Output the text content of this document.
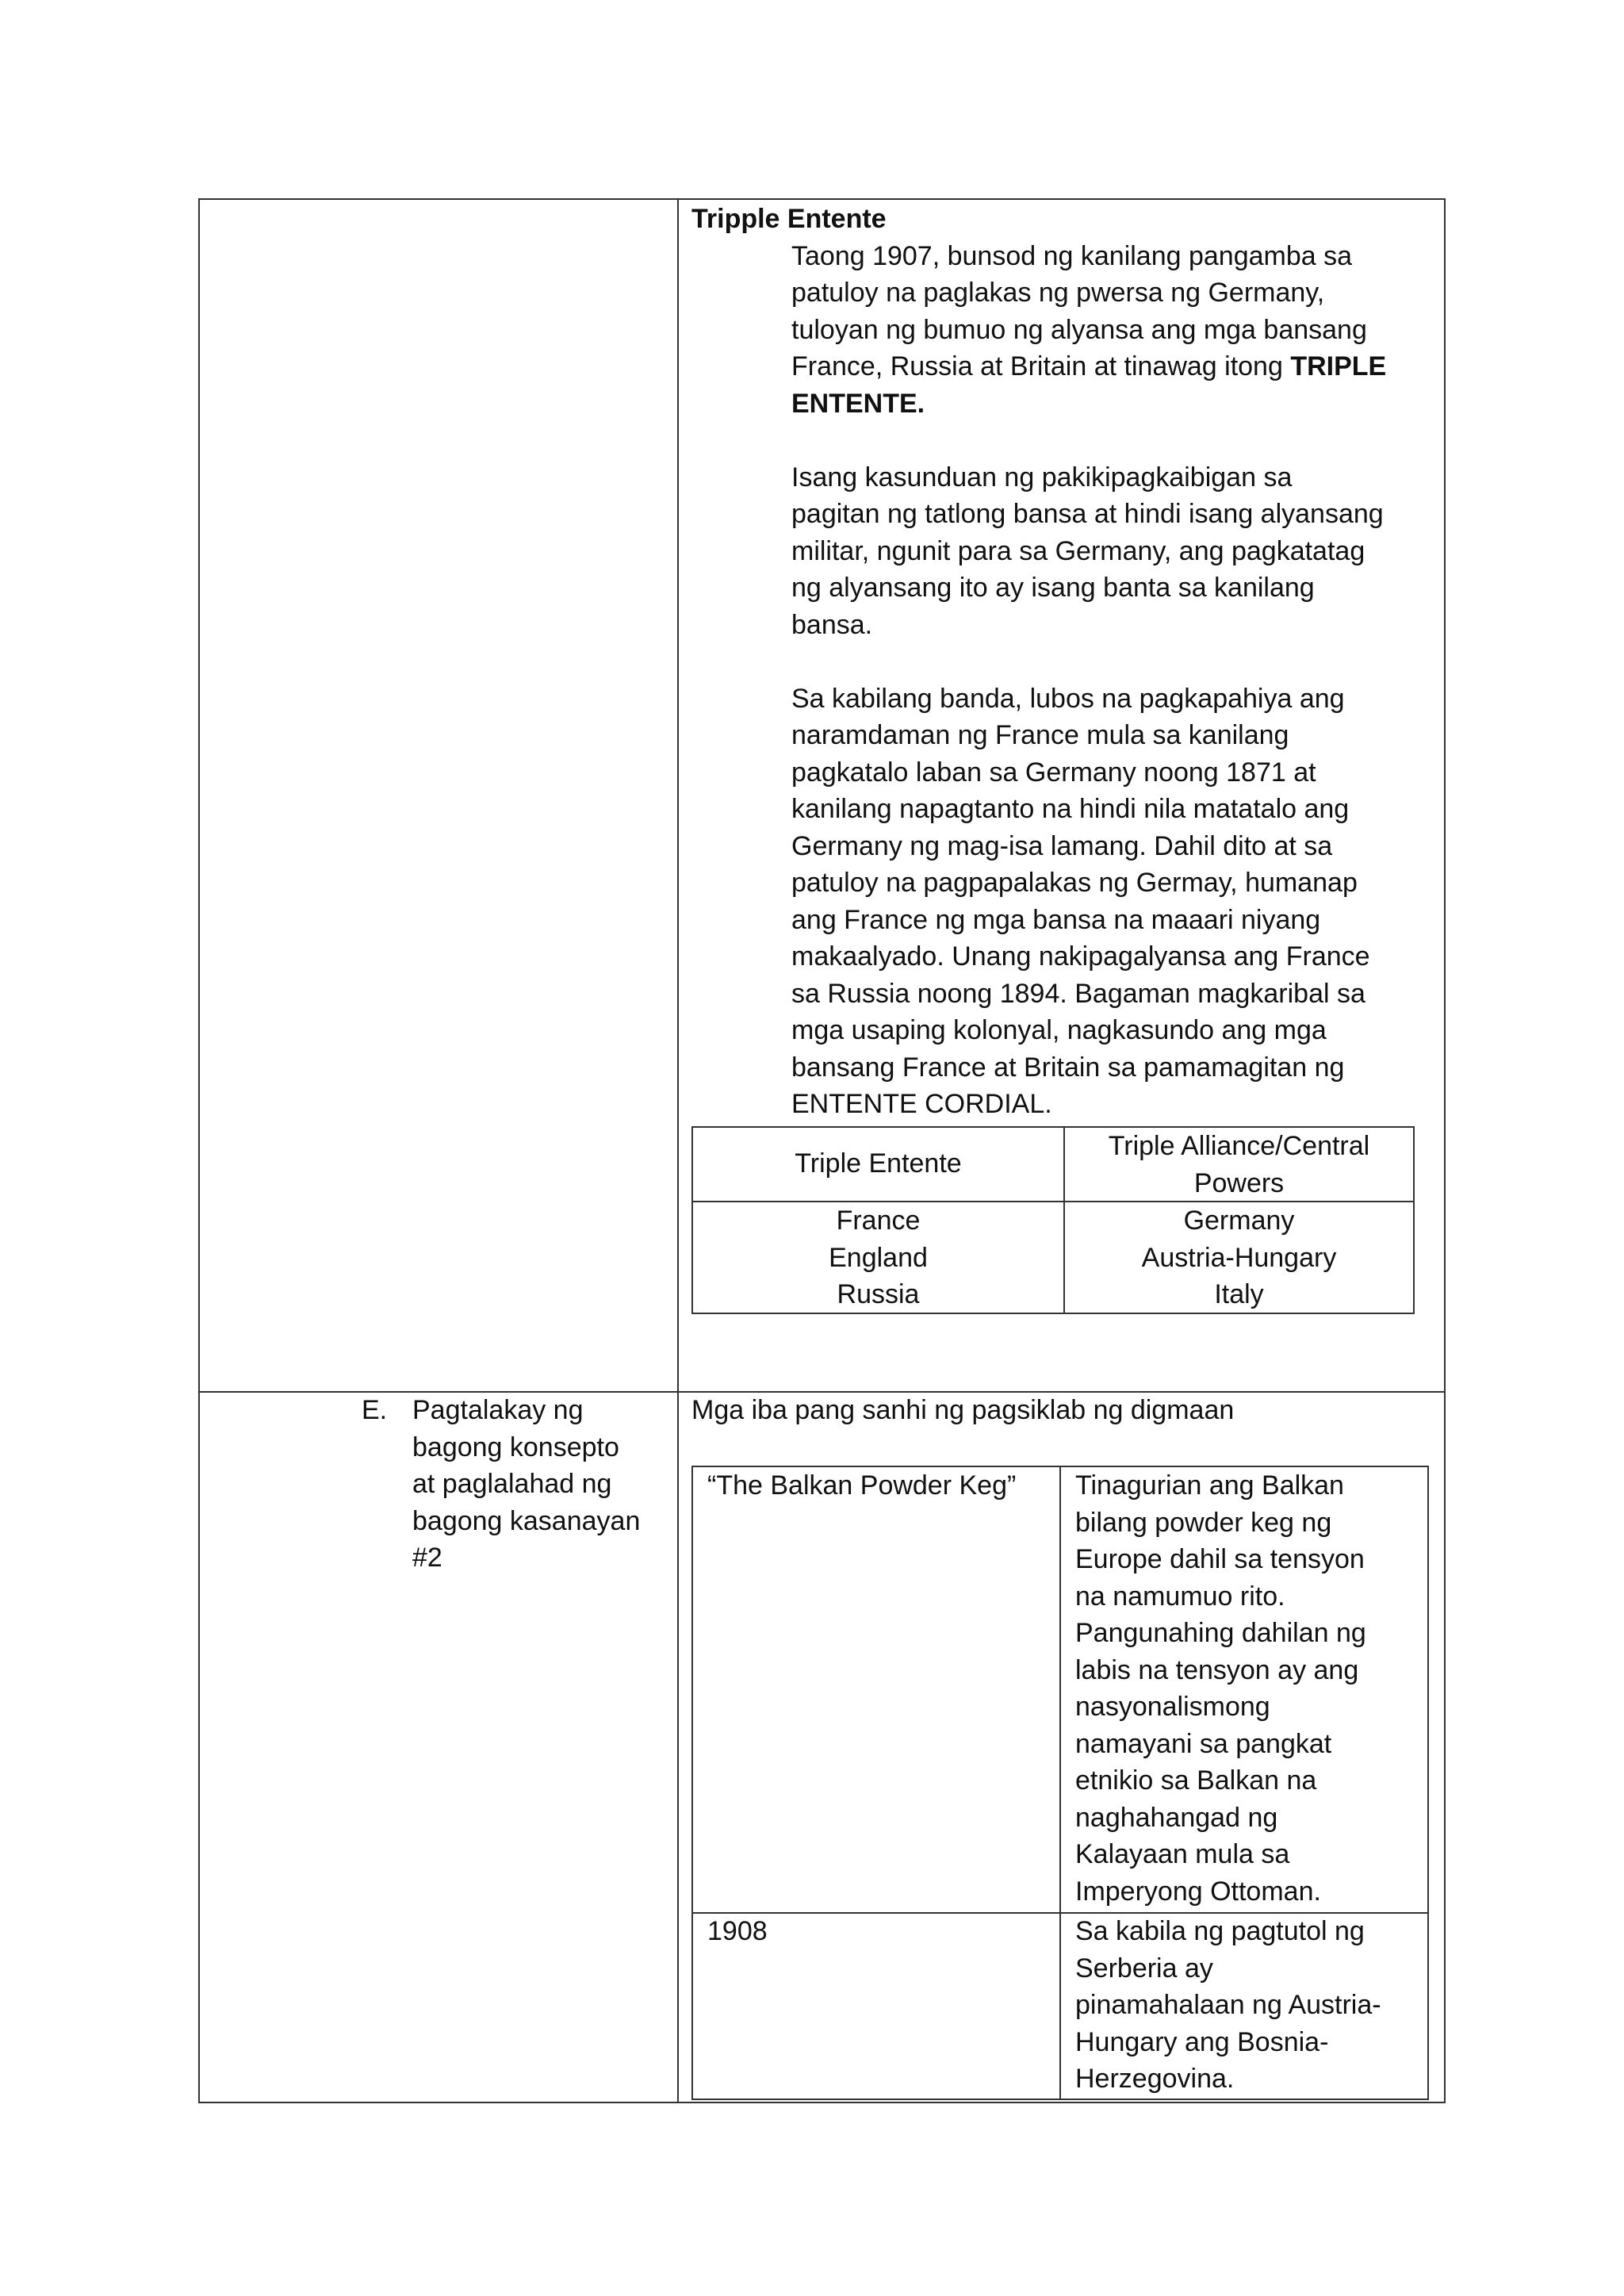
Tripple Entente

Taong 1907, bunsod ng kanilang pangamba sa

patuloy na paglakas ng pwersa ng Germany,

tuloyan ng bumuo ng alyansa ang mga bansang

France, Russia at Britain at tinawag itong TRIPLE

ENTENTE.

Isang kasunduan ng pakikipagkaibigan sa

pagitan ng tatlong bansa at hindi isang alyansang

militar, ngunit para sa Germany, ang pagkatatag

ng alyansang ito ay isang banta sa kanilang

bansa.

Sa kabilang banda, lubos na pagkapahiya ang

naramdaman ng France mula sa kanilang

pagkatalo laban sa Germany noong 1871 at

kanilang napagtanto na hindi nila matatalo ang

Germany ng mag-isa lamang. Dahil dito at sa

patuloy na pagpapalakas ng Germay, humanap

ang France ng mga bansa na maaari niyang

makaalyado. Unang nakipagalyansa ang France

sa Russia noong 1894. Bagaman magkaribal sa

mga usaping kolonyal, nagkasundo ang mga

bansang France at Britain sa pamamagitan ng

ENTENTE CORDIAL.

Triple Entente

Triple Alliance/Central

Powers

France

England

Russia

Germany

Austria-Hungary

Italy

E. Pagtalakay ng

bagong konsepto

at paglalahad ng

bagong kasanayan

#2

Mga iba pang sanhi ng pagsiklab ng digmaan

“The Balkan Powder Keg” Tinagurian ang Balkan

bilang powder keg ng

Europe dahil sa tensyon

na namumuo rito.

Pangunahing dahilan ng

labis na tensyon ay ang

nasyonalismong

namayani sa pangkat

etnikio sa Balkan na

naghahangad ng

Kalayaan mula sa

Imperyong Ottoman.

1908	Sa kabila ng pagtutol ng

Serberia ay

pinamahalaan ng Austria-

Hungary ang Bosnia-

Herzegovina.
